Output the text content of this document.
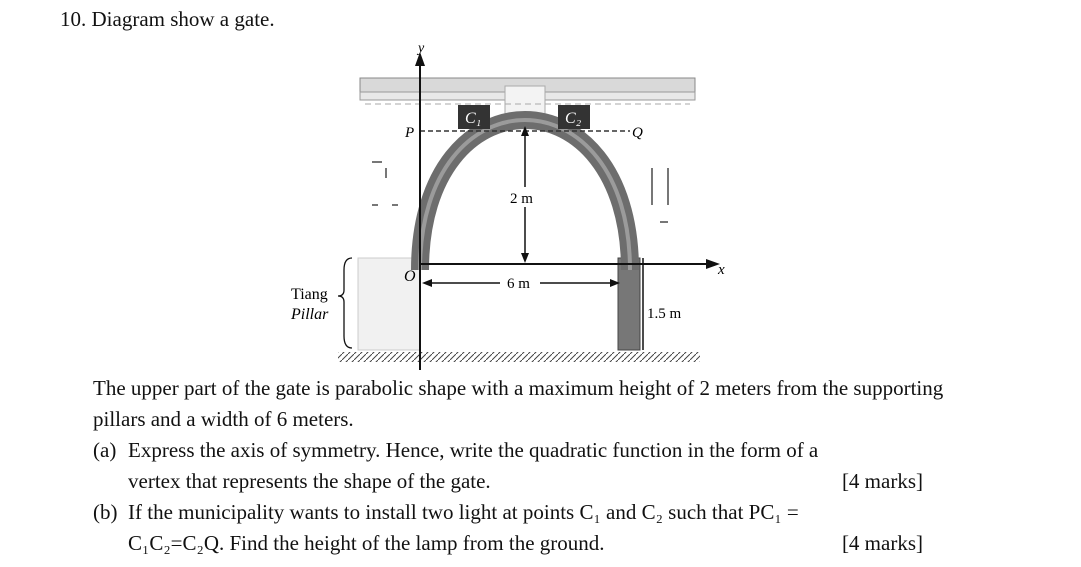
10. Diagram show a gate.
C₁	C₂
y
x
O
P	Q
2 m
6 m
1.5 m
Tiang
Pillar
The upper part of the gate is parabolic shape with a maximum height of 2 meters from the supporting pillars and a width of 6 meters.
(a) Express the axis of symmetry. Hence, write the quadratic function in the form of a
vertex that represents the shape of the gate.	[4 marks]
(b) If the municipality wants to install two light at points C₁ and C₂ such that PC₁ =
C₁C₂=C₂Q. Find the height of the lamp from the ground.	[4 marks]
